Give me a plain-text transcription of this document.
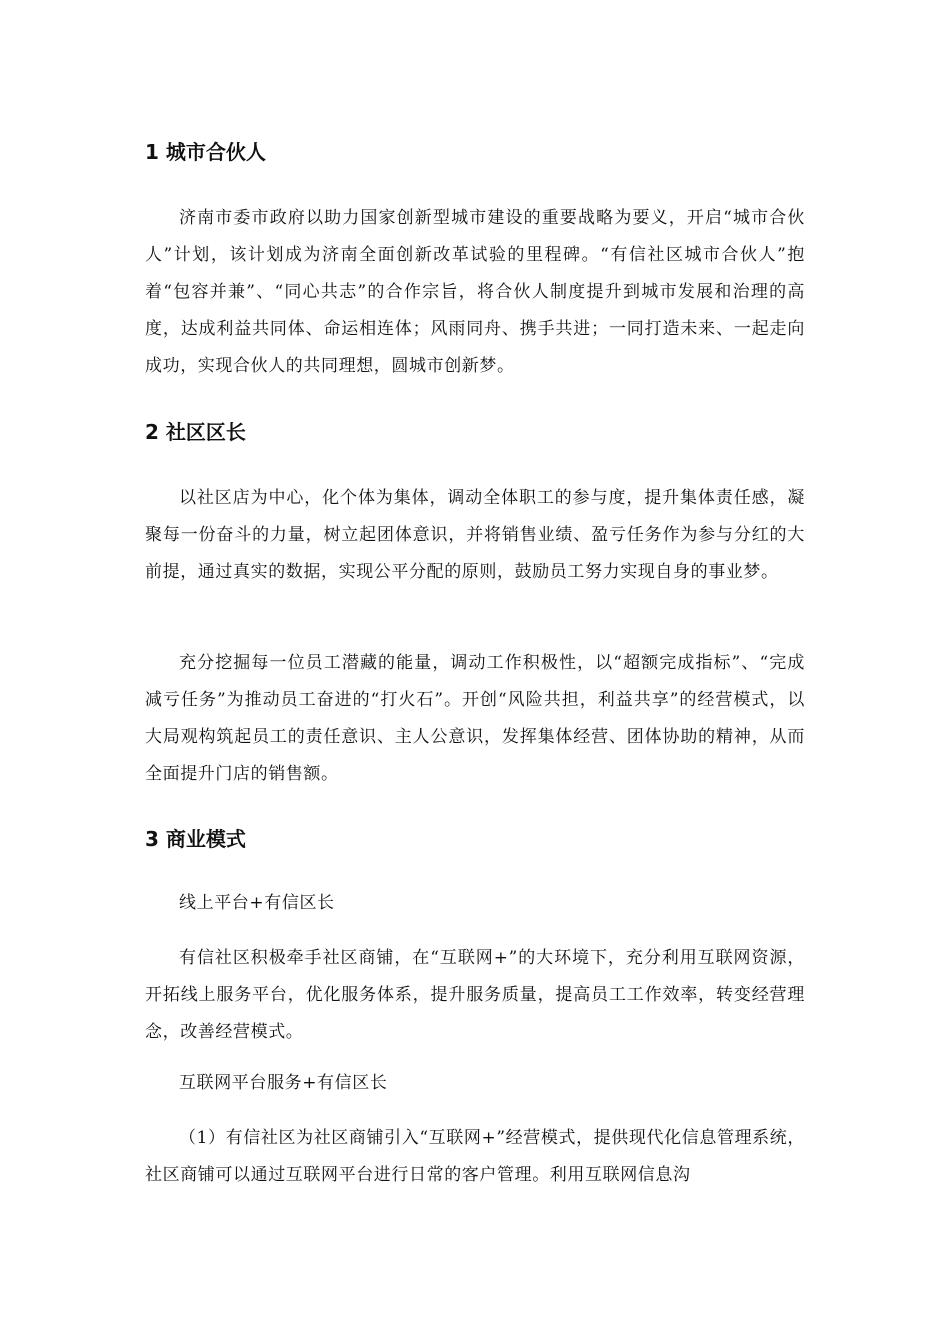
1 城市合伙人

济南市委市政府以助力国家创新型城市建设的重要战略为要义，开启“城市合伙人”计划，该计划成为济南全面创新改革试验的里程碑。“有信社区城市合伙人”抱着“包容并兼”、“同心共志”的合作宗旨，将合伙人制度提升到城市发展和治理的高度，达成利益共同体、命运相连体；风雨同舟、携手共进；一同打造未来、一起走向成功，实现合伙人的共同理想，圆城市创新梦。

2 社区区长

以社区店为中心，化个体为集体，调动全体职工的参与度，提升集体责任感，凝聚每一份奋斗的力量，树立起团体意识，并将销售业绩、盈亏任务作为参与分红的大前提，通过真实的数据，实现公平分配的原则，鼓励员工努力实现自身的事业梦。

充分挖掘每一位员工潜藏的能量，调动工作积极性，以“超额完成指标”、“完成减亏任务”为推动员工奋进的“打火石”。开创“风险共担，利益共享”的经营模式，以大局观构筑起员工的责任意识、主人公意识，发挥集体经营、团体协助的精神，从而全面提升门店的销售额。

3 商业模式

线上平台+有信区长

有信社区积极牵手社区商铺，在“互联网+”的大环境下，充分利用互联网资源，开拓线上服务平台，优化服务体系，提升服务质量，提高员工工作效率，转变经营理念，改善经营模式。

互联网平台服务+有信区长

（1）有信社区为社区商铺引入“互联网+”经营模式，提供现代化信息管理系统，社区商铺可以通过互联网平台进行日常的客户管理。利用互联网信息沟
